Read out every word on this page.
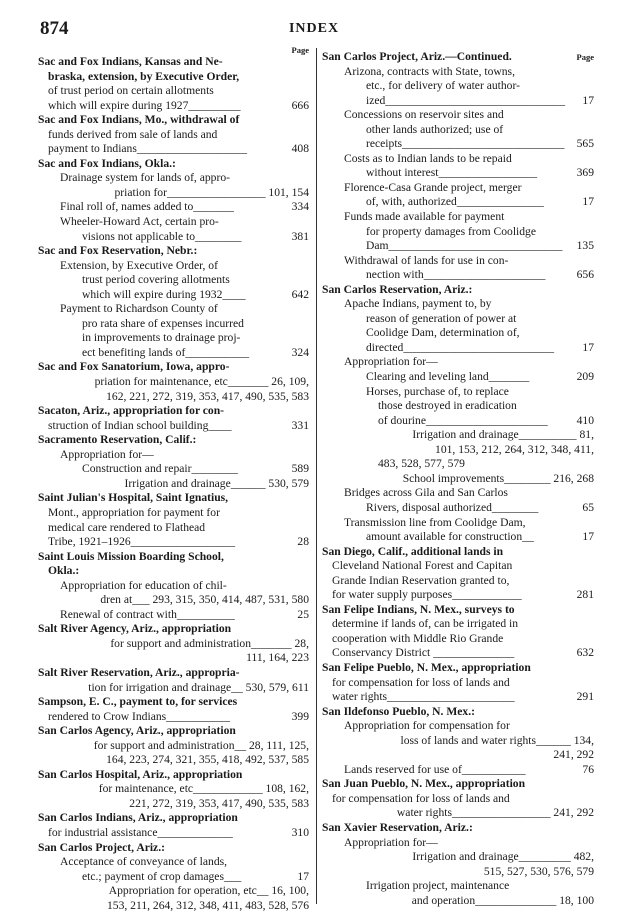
874	INDEX
Page
Sac and Fox Indians, Kansas and Ne-
braska, extension, by Executive Order,
of trust period on certain allotments
which will expire during 1927_________	666
Sac and Fox Indians, Mo., withdrawal of
funds derived from sale of lands and
payment to Indians___________________	408
Sac and Fox Indians, Okla.:
Drainage system for lands of, appro-
priation for_________________ 101, 154
Final roll of, names added to_______	334
Wheeler-Howard Act, certain pro-
visions not applicable to________	381
Sac and Fox Reservation, Nebr.:
Extension, by Executive Order, of
trust period covering allotments
which will expire during 1932____	642
Payment to Richardson County of
pro rata share of expenses incurred
in improvements to drainage proj-
ect benefiting lands of___________	324
Sac and Fox Sanatorium, Iowa, appro-
priation for maintenance, etc_______ 26, 109,
162, 221, 272, 319, 353, 417, 490, 535, 583
Sacaton, Ariz., appropriation for con-
struction of Indian school building____	331
Sacramento Reservation, Calif.:
Appropriation for—
Construction and repair________	589
Irrigation and drainage______ 530, 579
Saint Julian's Hospital, Saint Ignatius,
Mont., appropriation for payment for
medical care rendered to Flathead
Tribe, 1921–1926__________________	28
Saint Louis Mission Boarding School,
Okla.:
Appropriation for education of chil-
dren at___ 293, 315, 350, 414, 487, 531, 580
Renewal of contract with__________	25
Salt River Agency, Ariz., appropriation
for support and administration_______ 28,
111, 164, 223
Salt River Reservation, Ariz., appropria-
tion for irrigation and drainage__ 530, 579, 611
Sampson, E. C., payment to, for services
rendered to Crow Indians___________	399
San Carlos Agency, Ariz., appropriation
for support and administration__ 28, 111, 125,
164, 223, 274, 321, 355, 418, 492, 537, 585
San Carlos Hospital, Ariz., appropriation
for maintenance, etc____________ 108, 162,
221, 272, 319, 353, 417, 490, 535, 583
San Carlos Indians, Ariz., appropriation
for industrial assistance_____________	310
San Carlos Project, Ariz.:
Acceptance of conveyance of lands,
etc.; payment of crop damages___	17
Appropriation for operation, etc__ 16, 100,
153, 211, 264, 312, 348, 411, 483, 528, 576
San Carlos Project, Ariz.—Continued.	Page
Arizona, contracts with State, towns,
etc., for delivery of water author-
ized_______________________________ 17
Concessions on reservoir sites and
other lands authorized; use of
receipts____________________________ 565
Costs as to Indian lands to be repaid
without interest_________________	369
Florence-Casa Grande project, merger
of, with, authorized_______________	17
Funds made available for payment
for property damages from Coolidge
Dam______________________________ 135
Withdrawal of lands for use in con-
nection with_____________________	656
San Carlos Reservation, Ariz.:
Apache Indians, payment to, by
reason of generation of power at
Coolidge Dam, determination of,
directed__________________________ 17
Appropriation for—
Clearing and leveling land_______	209
Horses, purchase of, to replace
those destroyed in eradication
of dourine_____________________ 410
Irrigation and drainage__________ 81,
101, 153, 212, 264, 312, 348, 411,
483, 528, 577, 579
School improvements________ 216, 268
Bridges across Gila and San Carlos
Rivers, disposal authorized________	65
Transmission line from Coolidge Dam,
amount available for construction__	17
San Diego, Calif., additional lands in
Cleveland National Forest and Capitan
Grande Indian Reservation granted to,
for water supply purposes____________	281
San Felipe Indians, N. Mex., surveys to
determine if lands of, can be irrigated in
cooperation with Middle Rio Grande
Conservancy District ______________	632
San Felipe Pueblo, N. Mex., appropriation
for compensation for loss of lands and
water rights______________________	291
San Ildefonso Pueblo, N. Mex.:
Appropriation for compensation for
loss of lands and water rights______ 134,
241, 292
Lands reserved for use of___________	76
San Juan Pueblo, N. Mex., appropriation
for compensation for loss of lands and
water rights_________________ 241, 292
San Xavier Reservation, Ariz.:
Appropriation for—
Irrigation and drainage_________ 482,
515, 527, 530, 576, 579
Irrigation project, maintenance
and operation______________ 18, 100
